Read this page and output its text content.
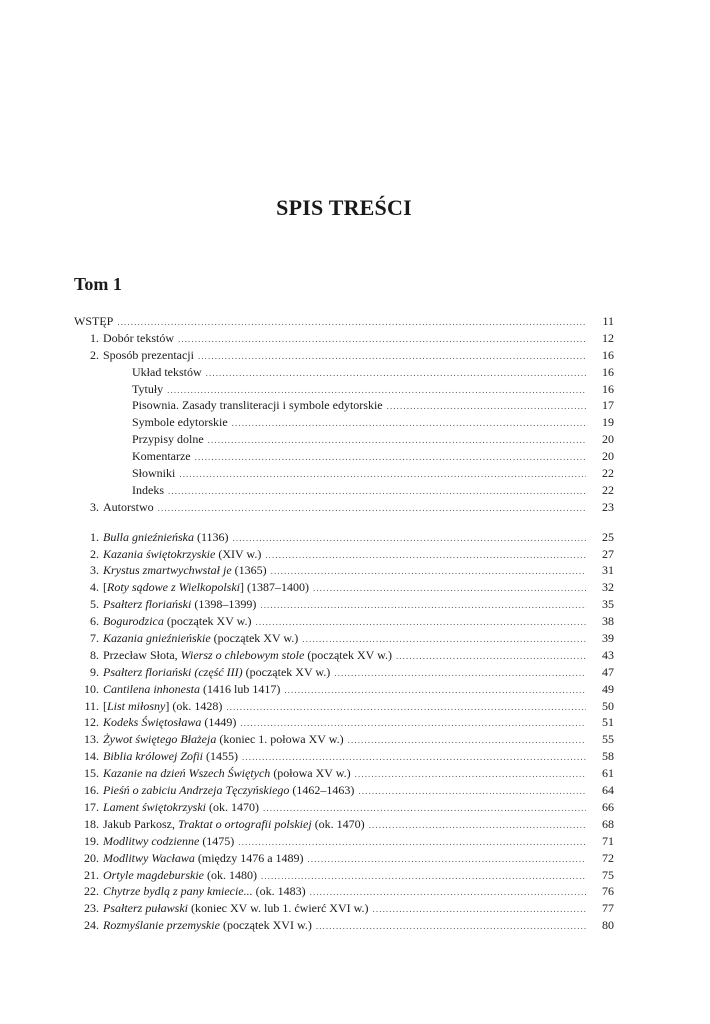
SPIS TREŚCI
Tom 1
WSTĘP .....	11
1. Dobór tekstów .....	12
2. Sposób prezentacji .....	16
Układ tekstów .....	16
Tytuły .....	16
Pisownia. Zasady transliteracji i symbole edytorskie .....	17
Symbole edytorskie .....	19
Przypisy dolne .....	20
Komentarze .....	20
Słowniki .....	22
Indeks .....	22
3. Autorstwo .....	23
1. Bulla gnieźnieńska (1136) .....	25
2. Kazania świętokrzyskie (XIV w.) .....	27
3. Krystus zmartwychwstał je (1365) .....	31
4. [Roty sądowe z Wielkopolski] (1387–1400) .....	32
5. Psałterz floriański (1398–1399) .....	35
6. Bogurodzica (początek XV w.) .....	38
7. Kazania gnieźnieńskie (początek XV w.) .....	39
8. Przecław Słota, Wiersz o chlebowym stole (początek XV w.) .....	43
9. Psałterz floriański (część III) (początek XV w.) .....	47
10. Cantilena inhonesta (1416 lub 1417) .....	49
11. [List miłosny] (ok. 1428) .....	50
12. Kodeks Świętosława (1449) .....	51
13. Żywot świętego Błażeja (koniec 1. połowa XV w.) .....	55
14. Biblia królowej Zofii (1455) .....	58
15. Kazanie na dzień Wszech Świętych (połowa XV w.) .....	61
16. Pieśń o zabiciu Andrzeja Tęczyńskiego (1462–1463) .....	64
17. Lament świętokrzyski (ok. 1470) .....	66
18. Jakub Parkosz, Traktat o ortografii polskiej (ok. 1470) .....	68
19. Modlitwy codzienne (1475) .....	71
20. Modlitwy Wacława (między 1476 a 1489) .....	72
21. Ortyle magdeburskie (ok. 1480) .....	75
22. Chytrze bydlą z pany kmiecie... (ok. 1483) .....	76
23. Psałterz puławski (koniec XV w. lub 1. ćwierć XVI w.) .....	77
24. Rozmyślanie przemyskie (początek XVI w.) .....	80
